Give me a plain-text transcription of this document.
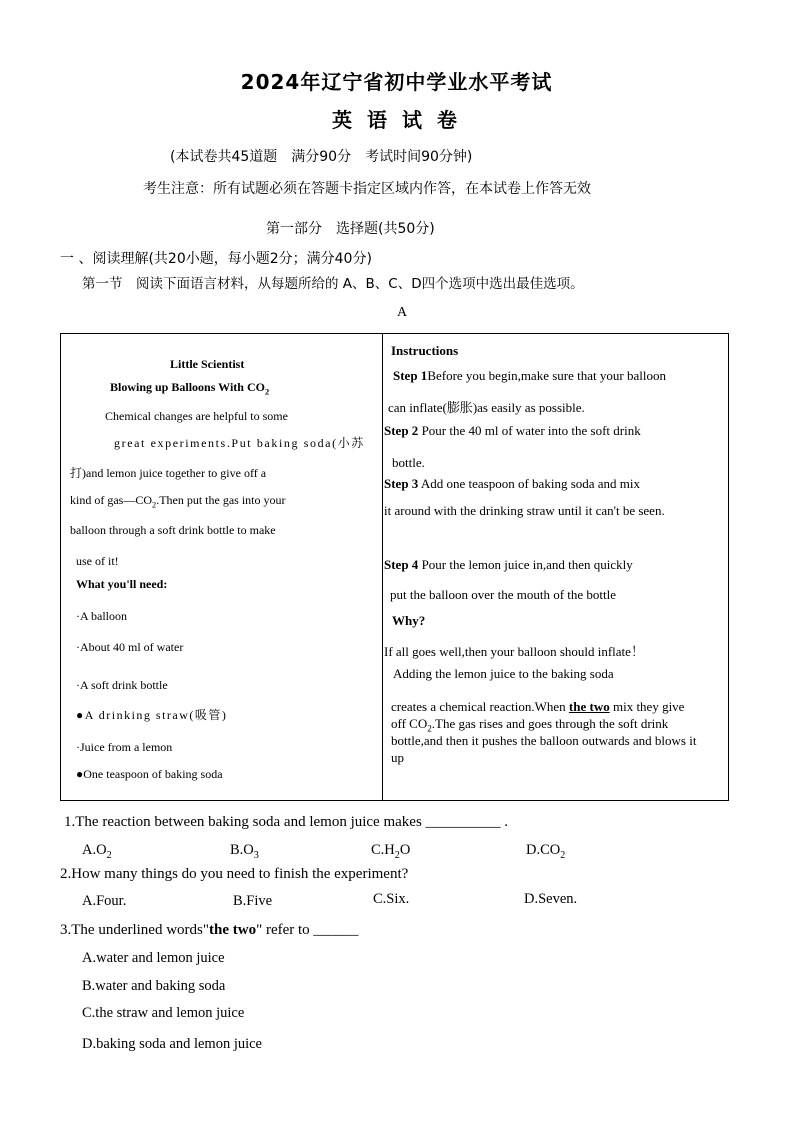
2024年辽宁省初中学业水平考试
英 语 试 卷
(本试卷共45道题　满分90分　考试时间90分钟)
考生注意：所有试题必须在答题卡指定区域内作答，在本试卷上作答无效
第一部分　选择题(共50分)
一 、阅读理解(共20小题，每小题2分；满分40分)
第一节　阅读下面语言材料，从每题所给的 A、B、C、D四个选项中选出最佳选项。
A
Little Scientist
Blowing up Balloons With $CO_2$
Chemical changes are helpful to some
great experiments.Put baking soda(小苏
打)and lemon juice together to give off a
kind of $gas—CO_2.Then$ put the gas into your
balloon through a soft drink bottle to make
use of it!
What you'll need:
·A balloon
·About 40 ml of water
·A soft drink bottle
●A drinking straw(吸管)
·Juice from a lemon
●One teaspoon of baking soda
Instructions
Step 1Before you begin,make sure that your balloon
can inflate(膨胀)as easily as possible.
Step 2 Pour the 40 ml of water into the soft drink
bottle.
Step 3 Add one teaspoon of baking soda and mix
it around with the drinking straw until it can't be seen.
Step 4 Pour the lemon juice in,and then quickly
put the balloon over the mouth of the bottle
Why?
If all goes well,then your balloon should inflate！
Adding the lemon juice to the baking soda
creates a chemical reaction.When the two mix they give
off $CO_2.The$ gas rises and goes through the soft drink
bottle,and then it pushes the balloon outwards and blows it
up
1.The reaction between baking soda and lemon juice makes __________ .
$A.O_2$	$B.O_3$	$C.H_2O$	$D.CO_2$
2.How many things do you need to finish the experiment?
A.Four.	B.Five	C.Six.	D.Seven.
3.The underlined words"the two" refer to ______
A.water and lemon juice
B.water and baking soda
C.the straw and lemon juice
D.baking soda and lemon juice
